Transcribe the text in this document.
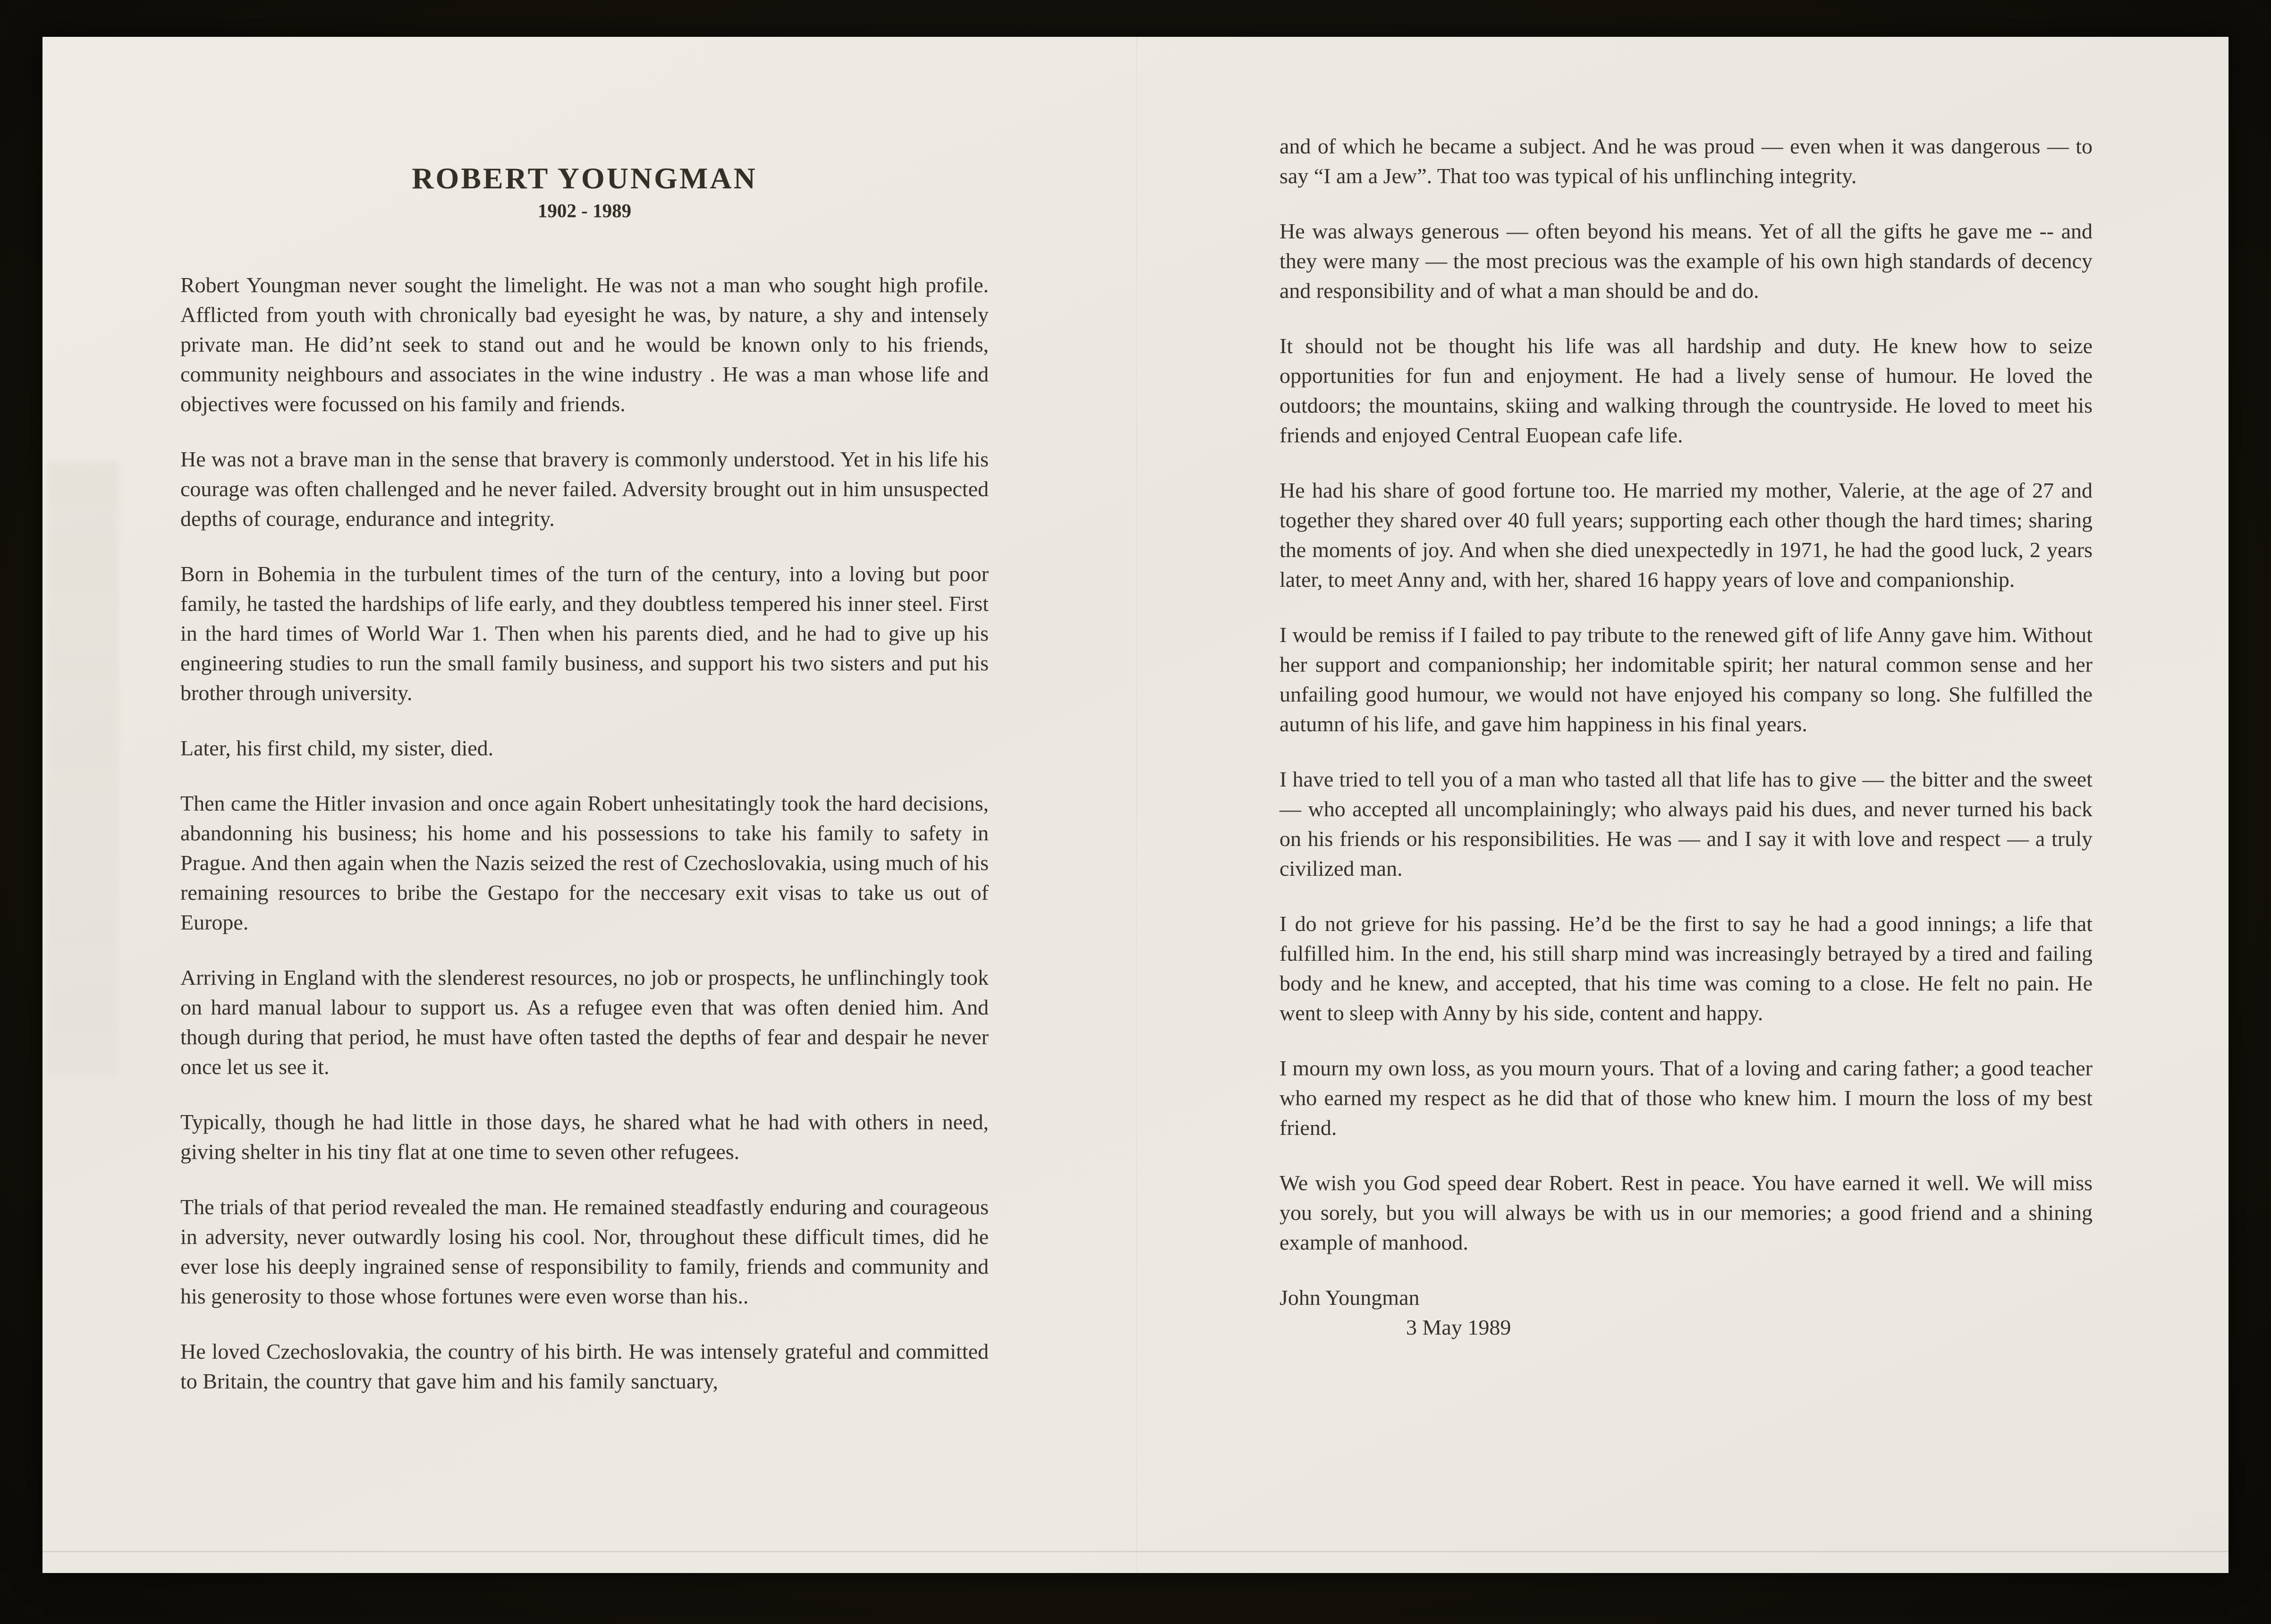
ROBERT YOUNGMAN
1902 - 1989

Robert Youngman never sought the limelight. He was not a man who sought high profile. Afflicted from youth with chronically bad eyesight he was, by nature, a shy and intensely private man. He did’nt seek to stand out and he would be known only to his friends, community neighbours and associates in the wine industry . He was a man whose life and objectives were focussed on his family and friends.

He was not a brave man in the sense that bravery is commonly understood. Yet in his life his courage was often challenged and he never failed. Adversity brought out in him unsuspected depths of courage, endurance and integrity.

Born in Bohemia in the turbulent times of the turn of the century, into a loving but poor family, he tasted the hardships of life early, and they doubtless tempered his inner steel. First in the hard times of World War 1. Then when his parents died, and he had to give up his engineering studies to run the small family business, and support his two sisters and put his brother through university.

Later, his first child, my sister, died.

Then came the Hitler invasion and once again Robert unhesitatingly took the hard decisions, abandonning his business; his home and his possessions to take his family to safety in Prague. And then again when the Nazis seized the rest of Czechoslovakia, using much of his remaining resources to bribe the Gestapo for the neccesary exit visas to take us out of Europe.

Arriving in England with the slenderest resources, no job or prospects, he unflinchingly took on hard manual labour to support us. As a refugee even that was often denied him. And though during that period, he must have often tasted the depths of fear and despair he never once let us see it.

Typically, though he had little in those days, he shared what he had with others in need, giving shelter in his tiny flat at one time to seven other refugees.

The trials of that period revealed the man. He remained steadfastly enduring and courageous in adversity, never outwardly losing his cool. Nor, throughout these difficult times, did he ever lose his deeply ingrained sense of responsibility to family, friends and community and his generosity to those whose fortunes were even worse than his..

He loved Czechoslovakia, the country of his birth. He was intensely grateful and committed to Britain, the country that gave him and his family sanctuary,

and of which he became a subject. And he was proud — even when it was dangerous — to say “I am a Jew”. That too was typical of his unflinching integrity.

He was always generous — often beyond his means. Yet of all the gifts he gave me -- and they were many — the most precious was the example of his own high standards of decency and responsibility and of what a man should be and do.

It should not be thought his life was all hardship and duty. He knew how to seize opportunities for fun and enjoyment. He had a lively sense of humour. He loved the outdoors; the mountains, skiing and walking through the countryside. He loved to meet his friends and enjoyed Central Euopean cafe life.

He had his share of good fortune too. He married my mother, Valerie, at the age of 27 and together they shared over 40 full years; supporting each other though the hard times; sharing the moments of joy. And when she died unexpectedly in 1971, he had the good luck, 2 years later, to meet Anny and, with her, shared 16 happy years of love and companionship.

I would be remiss if I failed to pay tribute to the renewed gift of life Anny gave him. Without her support and companionship; her indomitable spirit; her natural common sense and her unfailing good humour, we would not have enjoyed his company so long. She fulfilled the autumn of his life, and gave him happiness in his final years.

I have tried to tell you of a man who tasted all that life has to give — the bitter and the sweet — who accepted all uncomplainingly; who always paid his dues, and never turned his back on his friends or his responsibilities. He was — and I say it with love and respect — a truly civilized man.

I do not grieve for his passing. He’d be the first to say he had a good innings; a life that fulfilled him. In the end, his still sharp mind was increasingly betrayed by a tired and failing body and he knew, and accepted, that his time was coming to a close. He felt no pain. He went to sleep with Anny by his side, content and happy.

I mourn my own loss, as you mourn yours. That of a loving and caring father; a good teacher who earned my respect as he did that of those who knew him. I mourn the loss of my best friend.

We wish you God speed dear Robert. Rest in peace. You have earned it well. We will miss you sorely, but you will always be with us in our memories; a good friend and a shining example of manhood.

John Youngman
3 May 1989
